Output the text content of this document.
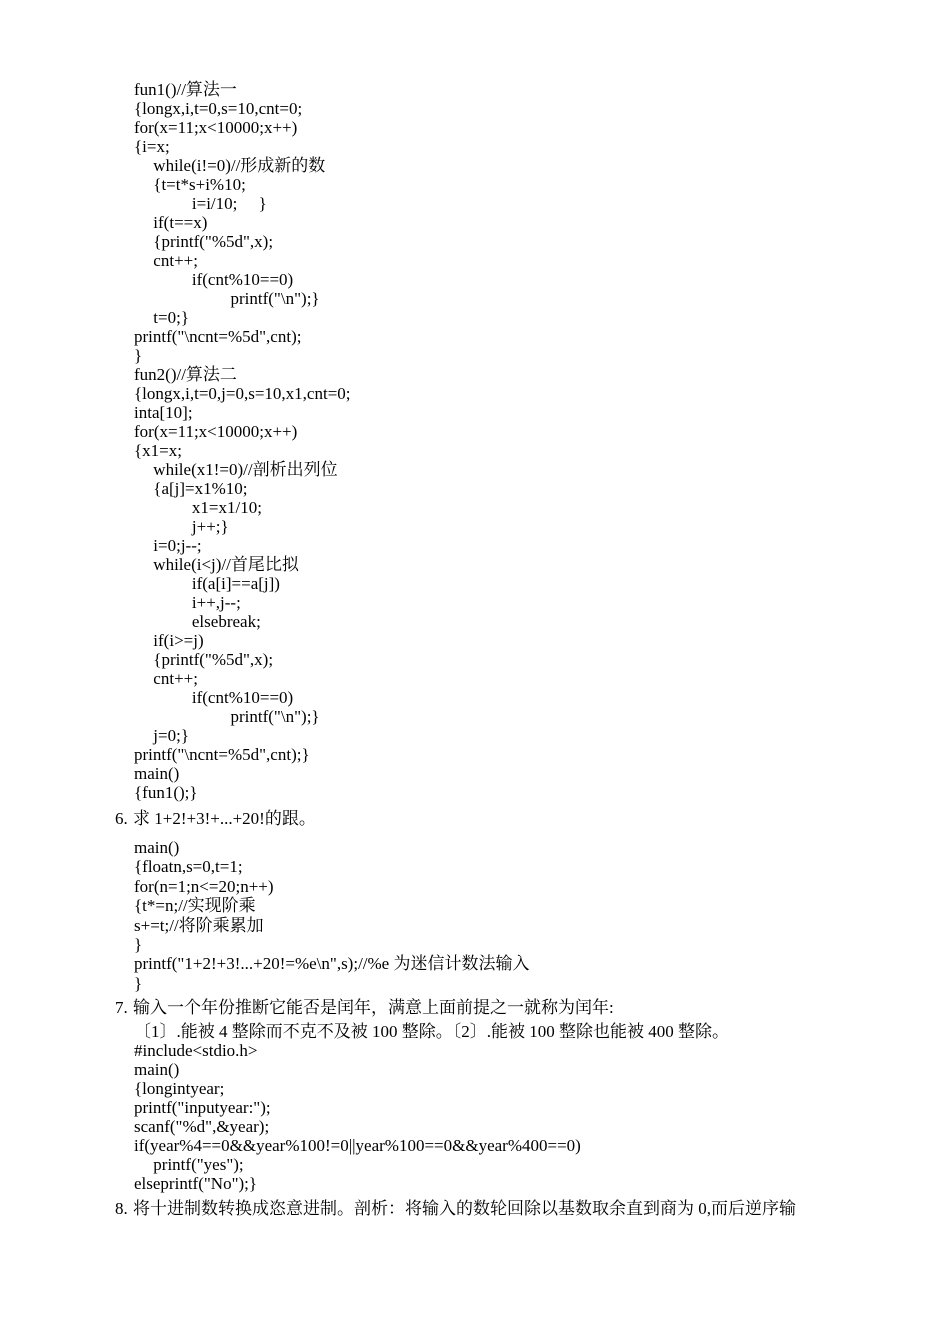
fun1()//算法一
{longx,i,t=0,s=10,cnt=0;
for(x=11;x<10000;x++)
{i=x;
while(i!=0)//形成新的数
{t=t*s+i%10;
i=i/10;     }
if(t==x)
{printf("%5d",x);
cnt++;
if(cnt%10==0)
printf("\n");}
t=0;}
printf("\ncnt=%5d",cnt);
}
fun2()//算法二
{longx,i,t=0,j=0,s=10,x1,cnt=0;
inta[10];
for(x=11;x<10000;x++)
{x1=x;
while(x1!=0)//剖析出列位
{a[j]=x1%10;
x1=x1/10;
j++;}
i=0;j--;
while(i<j)//首尾比拟
if(a[i]==a[j])
i++,j--;
elsebreak;
if(i>=j)
{printf("%5d",x);
cnt++;
if(cnt%10==0)
printf("\n");}
j=0;}
printf("\ncnt=%5d",cnt);}
main()
{fun1();}
6. 求 1+2!+3!+...+20!的跟。
main()
{floatn,s=0,t=1;
for(n=1;n<=20;n++)
{t*=n;//实现阶乘
s+=t;//将阶乘累加
}
printf("1+2!+3!...+20!=%e\n",s);//%e 为迷信计数法输入
}
7. 输入一个年份推断它能否是闰年，满意上面前提之一就称为闰年:
〔1〕.能被 4 整除而不克不及被 100 整除。〔2〕.能被 100 整除也能被 400 整除。
#include<stdio.h>
main()
{longintyear;
printf("inputyear:");
scanf("%d",&year);
if(year%4==0&&year%100!=0||year%100==0&&year%400==0)
printf("yes");
elseprintf("No");}
8. 将十进制数转换成恣意进制。剖析：将输入的数轮回除以基数取余直到商为 0,而后逆序输
